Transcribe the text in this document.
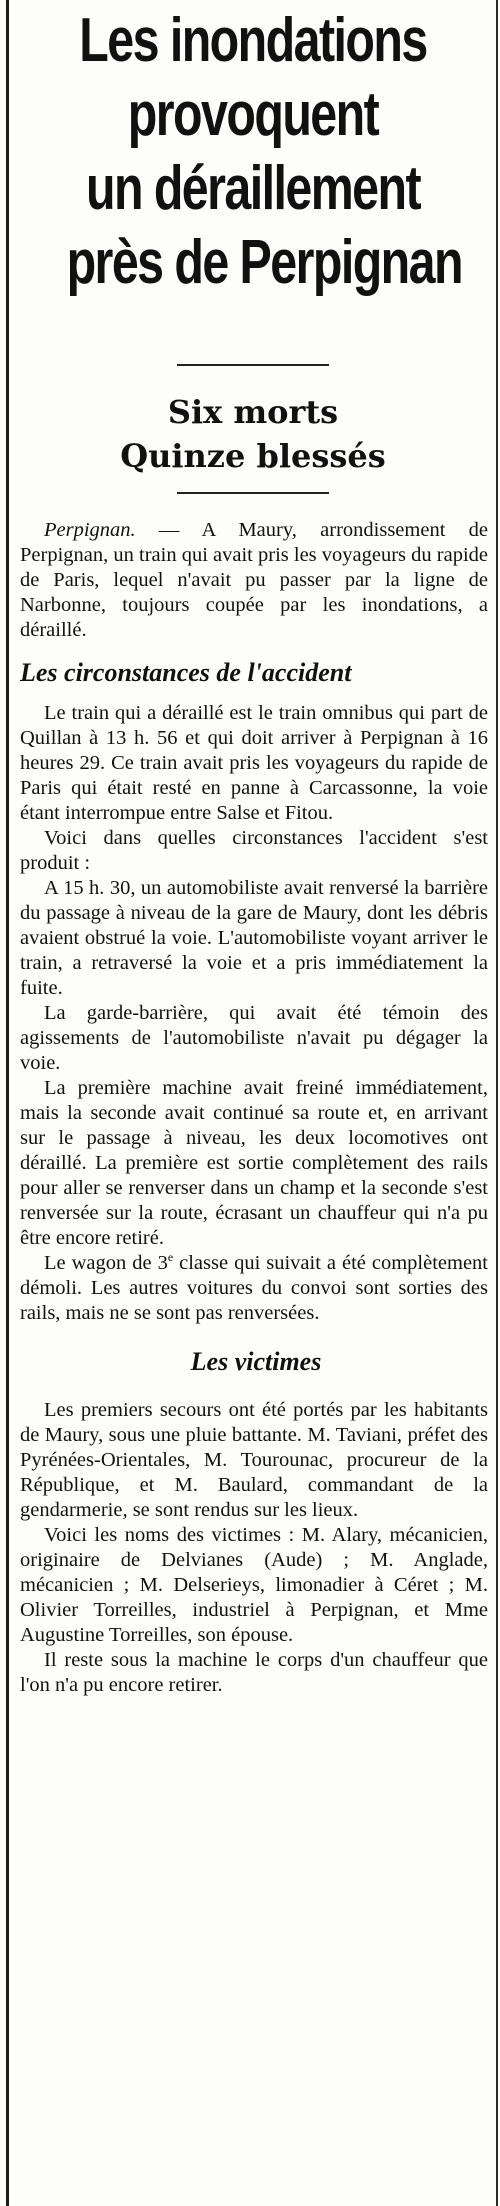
Les inondations
provoquent
un déraillement
près de Perpignan
Six morts
Quinze blessés

Perpignan. — A Maury, arrondissement de Perpignan, un train qui avait pris les voyageurs du rapide de Paris, lequel n'avait pu passer par la ligne de Narbonne, toujours coupée par les inondations, a déraillé.

Les circonstances de l'accident

Le train qui a déraillé est le train omnibus qui part de Quillan à 13 h. 56 et qui doit arriver à Perpignan à 16 heures 29. Ce train avait pris les voyageurs du rapide de Paris qui était resté en panne à Carcassonne, la voie étant interrompue entre Salse et Fitou.

Voici dans quelles circonstances l'accident s'est produit :

A 15 h. 30, un automobiliste avait renversé la barrière du passage à niveau de la gare de Maury, dont les débris avaient obstrué la voie. L'automobiliste voyant arriver le train, a retraversé la voie et a pris immédiatement la fuite.

La garde-barrière, qui avait été témoin des agissements de l'automobiliste n'avait pu dégager la voie.

La première machine avait freiné immédiatement, mais la seconde avait continué sa route et, en arrivant sur le passage à niveau, les deux locomotives ont déraillé. La première est sortie complètement des rails pour aller se renverser dans un champ et la seconde s'est renversée sur la route, écrasant un chauffeur qui n'a pu être encore retiré.

Le wagon de 3e classe qui suivait a été complètement démoli. Les autres voitures du convoi sont sorties des rails, mais ne se sont pas renversées.

Les victimes

Les premiers secours ont été portés par les habitants de Maury, sous une pluie battante. M. Taviani, préfet des Pyrénées-Orientales, M. Tourounac, procureur de la République, et M. Baulard, commandant de la gendarmerie, se sont rendus sur les lieux.

Voici les noms des victimes : M. Alary, mécanicien, originaire de Delvianes (Aude) ; M. Anglade, mécanicien ; M. Delserieys, limonadier à Céret ; M. Olivier Torreilles, industriel à Perpignan, et Mme Augustine Torreilles, son épouse.

Il reste sous la machine le corps d'un chauffeur que l'on n'a pu encore retirer.
